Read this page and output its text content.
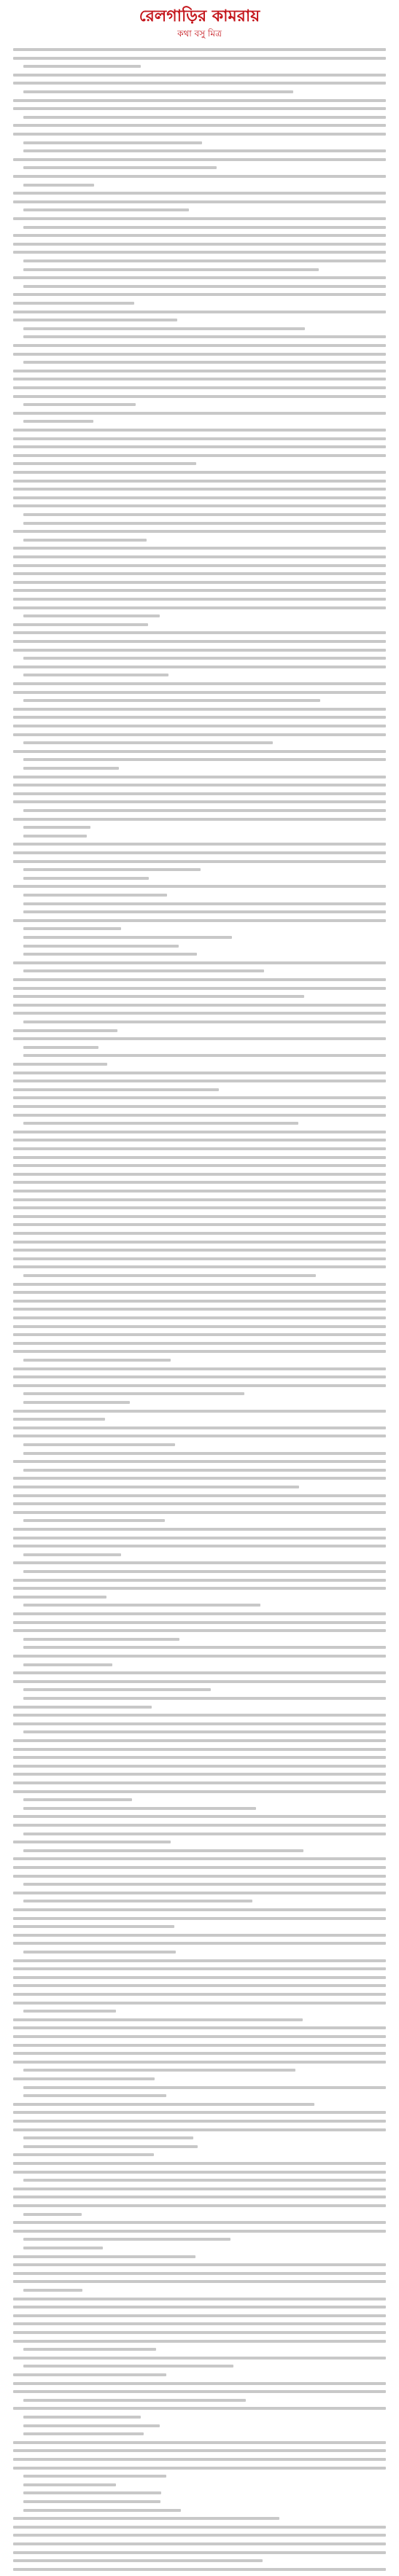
রেলগাড়ির কামরায়
কথা বসু মিত্র
